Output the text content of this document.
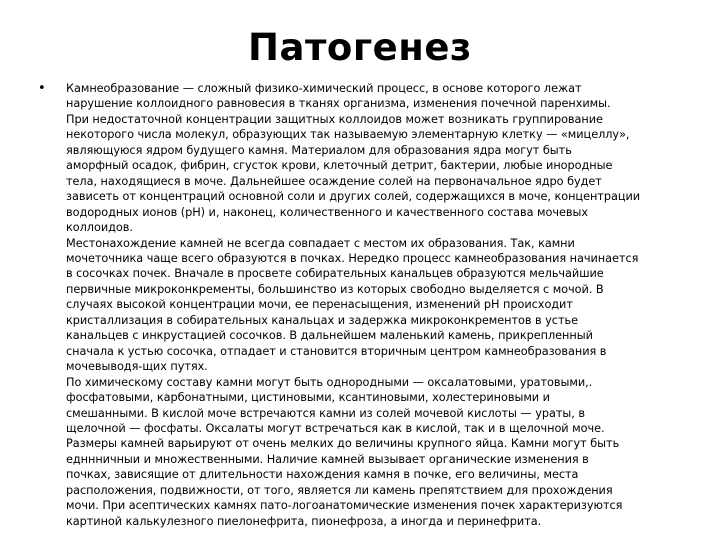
Патогенез
•	Камнеобразование — сложный физико-химический процесс, в основе которого лежат
нарушение коллоидного равновесия в тканях организма, изменения почечной паренхимы.
При недостаточной концентрации защитных коллоидов может возникать группирование
некоторого числа молекул, образующих так называемую элементарную клетку — «мицеллу»,
являющуюся ядром будущего камня. Материалом для образования ядра могут быть
аморфный осадок, фибрин, сгусток крови, клеточный детрит, бактерии, любые инородные
тела, находящиеся в моче. Дальнейшее осаждение солей на первоначальное ядро будет
зависеть от концентраций основной соли и других солей, содержащихся в моче, концентрации
водородных ионов (рН) и, наконец, количественного и качественного состава мочевых
коллоидов.
Местонахождение камней не всегда совпадает с местом их образования. Так, камни
мочеточника чаще всего образуются в почках. Нередко процесс камнеобразования начинается
в сосочках почек. Вначале в просвете собирательных канальцев образуются мельчайшие
первичные микроконкременты, большинство из которых свободно выделяется с мочой. В
случаях высокой концентрации мочи, ее перенасыщения, изменений рН происходит
кристаллизация в собирательных канальцах и задержка микроконкрементов в устье
канальцев с инкрустацией сосочков. В дальнейшем маленький камень, прикрепленный
сначала к устью сосочка, отпадает и становится вторичным центром камнеобразования в
мочевыводя-щих путях.
По химическому составу камни могут быть однородными — оксалатовыми, уратовыми,.
фосфатовыми, карбонатными, цистиновыми, ксантиновыми, холестериновыми и
смешанными. В кислой моче встречаются камни из солей мочевой кислоты — ураты, в
щелочной — фосфаты. Оксалаты могут встречаться как в кислой, так и в щелочной моче.
Размеры камней варьируют от очень мелких до величины крупного яйца. Камни могут быть
едннничныи и множественными. Наличие камней вызывает органические изменения в
почках, зависящие от длительности нахождения камня в почке, его величины, места
расположения, подвижности, от того, является ли камень препятствием для прохождения
мочи. При асептических камнях пато-логоанатомические изменения почек характеризуются
картиной калькулезного пиелонефрита, пионефроза, а иногда и перинефрита.
